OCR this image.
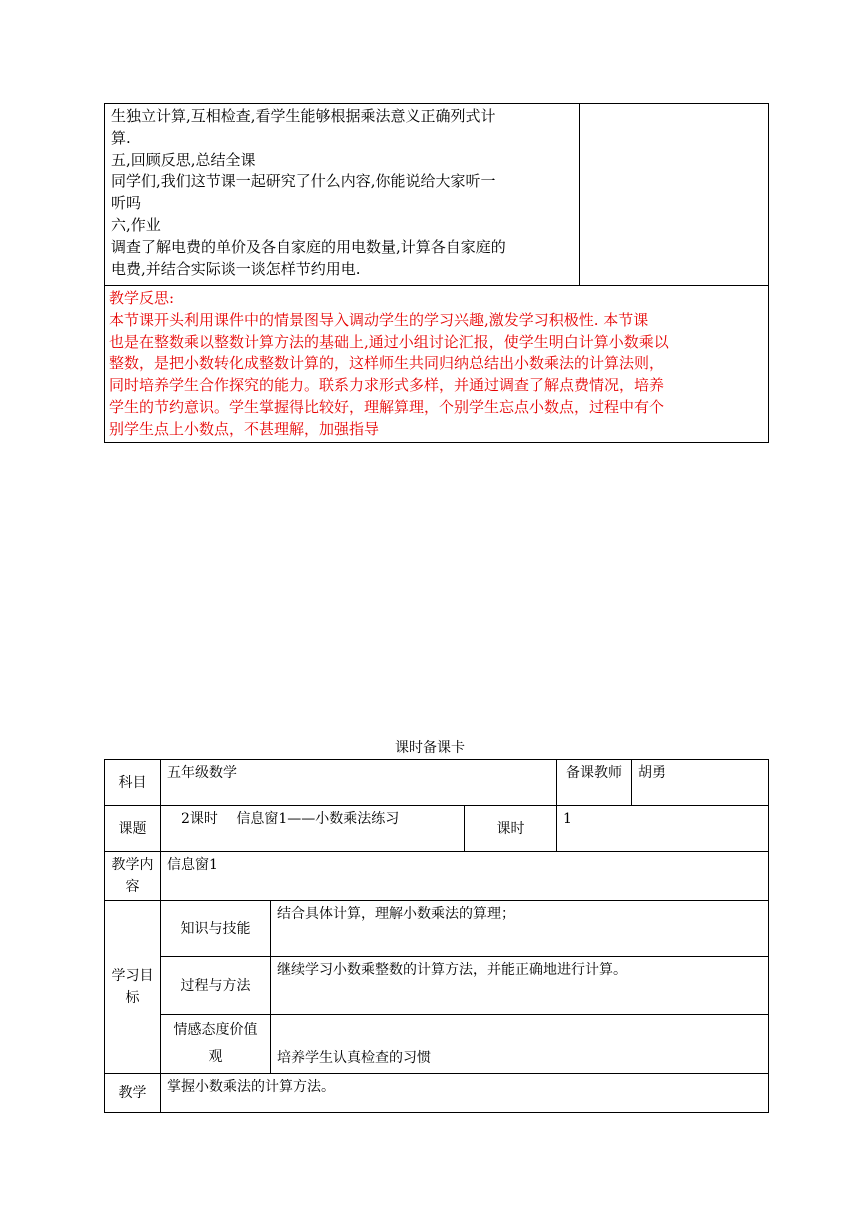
生独立计算,互相检查,看学生能够根据乘法意义正确列式计

算.

五,回顾反思,总结全课

同学们,我们这节课一起研究了什么内容,你能说给大家听一

听吗

六,作业

调查了解电费的单价及各自家庭的用电数量,计算各自家庭的

电费,并结合实际谈一谈怎样节约用电.

教学反思:

本节课开头利用课件中的情景图导入调动学生的学习兴趣,激发学习积极性. 本节课

也是在整数乘以整数计算方法的基础上,通过小组讨论汇报，使学生明白计算小数乘以

整数，是把小数转化成整数计算的，这样师生共同归纳总结出小数乘法的计算法则，

同时培养学生合作探究的能力。联系力求形式多样，并通过调查了解点费情况，培养

学生的节约意识。学生掌握得比较好，理解算理，个别学生忘点小数点，过程中有个

别学生点上小数点，不甚理解，加强指导

课时备课卡
科目	五年级数学			备课教师	胡勇
课题	　2课时　 信息窗1——小数乘法练习		课时	1	
教学内容	信息窗1				
学习目标	知识与技能	结合具体计算，理解小数乘法的算理；			
	过程与方法	继续学习小数乘整数的计算方法，并能正确地进行计算。			
	情感态度价值观	培养学生认真检查的习惯			
教学	掌握小数乘法的计算方法。				
